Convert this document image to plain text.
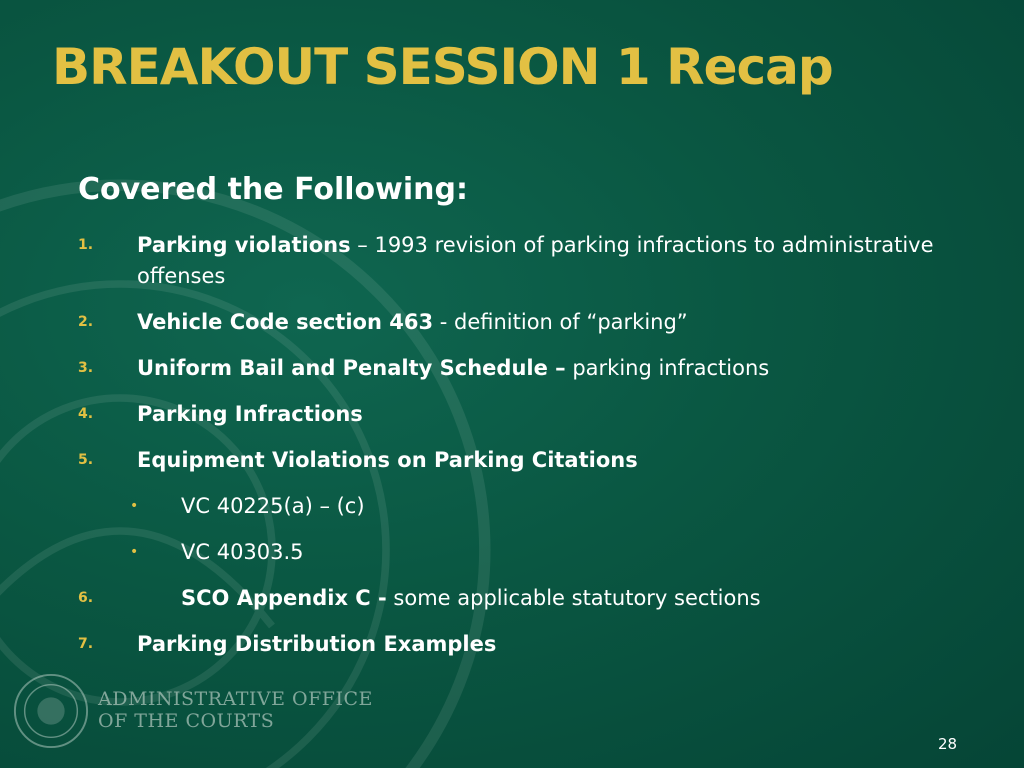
BREAKOUT SESSION 1 Recap
Covered the Following:
1. Parking violations – 1993 revision of parking infractions to administrative offenses
2. Vehicle Code section 463 - definition of “parking”
3. Uniform Bail and Penalty Schedule – parking infractions
4. Parking Infractions
5. Equipment Violations on Parking Citations
• VC 40225(a) – (c)
• VC 40303.5
6.	SCO Appendix C - some applicable statutory sections
7. Parking Distribution Examples
ADMINISTRATIVE OFFICE
OF THE COURTS
28
